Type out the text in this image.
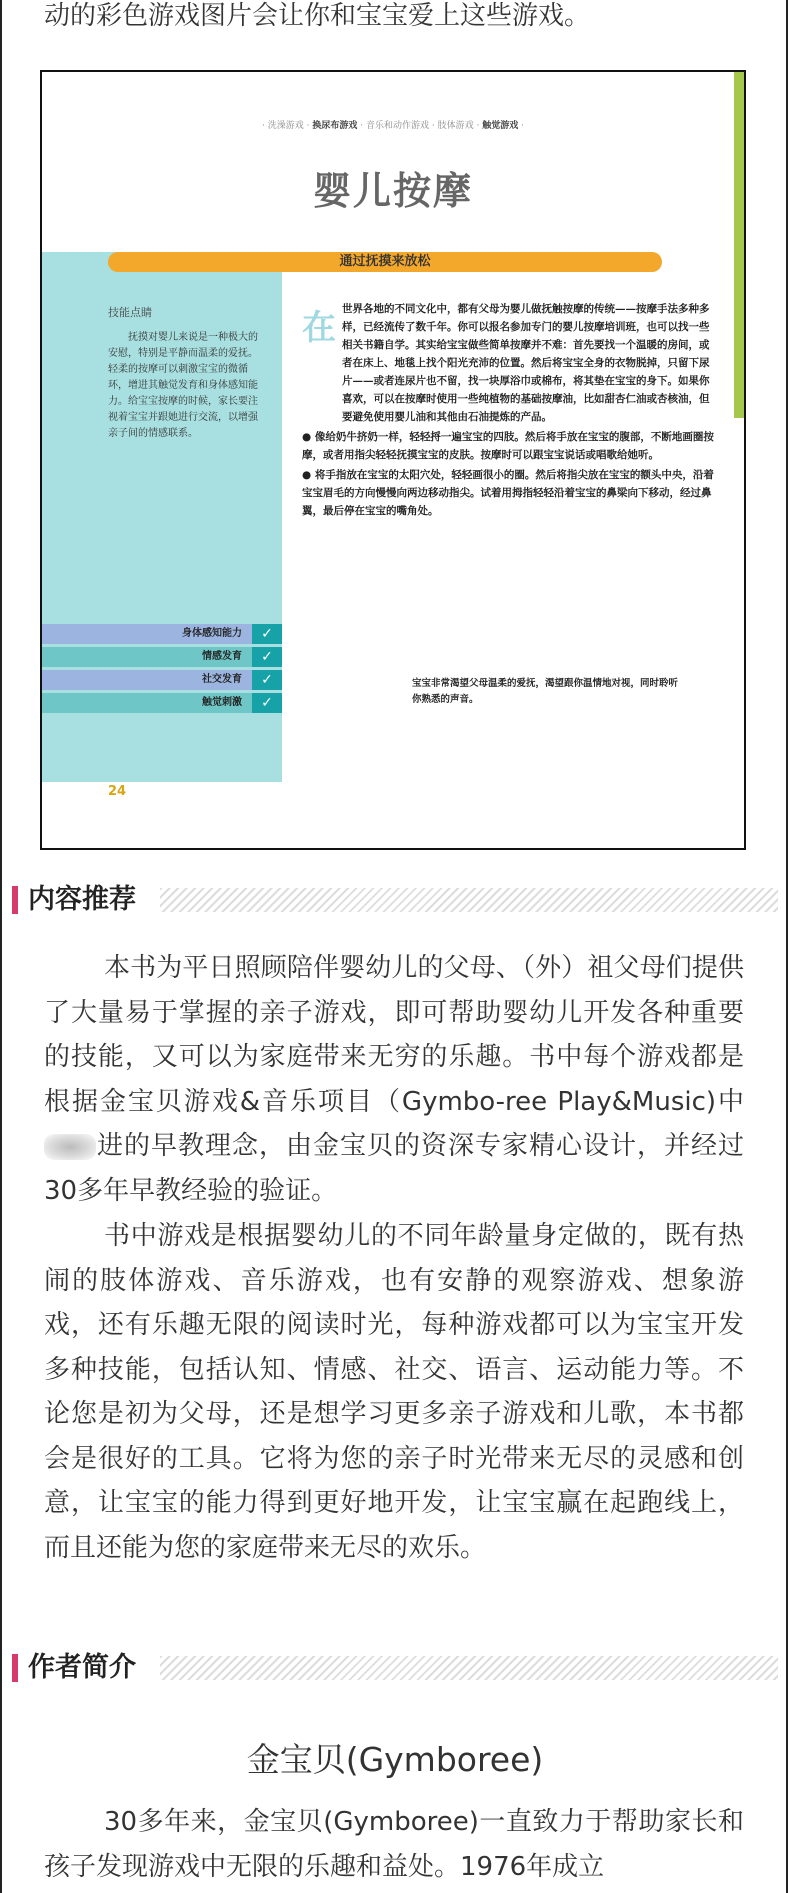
动的彩色游戏图片会让你和宝宝爱上这些游戏。
· 洗澡游戏 · 换尿布游戏 · 音乐和动作游戏 · 肢体游戏 · 触觉游戏 ·
婴儿按摩
通过抚摸来放松
技能点睛
抚摸对婴儿来说是一种极大的安慰，特别是平静而温柔的爱抚。轻柔的按摩可以刺激宝宝的微循环，增进其触觉发育和身体感知能力。给宝宝按摩的时候，家长要注视着宝宝并跟她进行交流，以增强亲子间的情感联系。
身体感知能力	✓
情感发育	✓
社交发育	✓
触觉刺激	✓
在 世界各地的不同文化中，都有父母为婴儿做抚触按摩的传统——按摩手法多种多样，已经流传了数千年。你可以报名参加专门的婴儿按摩培训班，也可以找一些相关书籍自学。其实给宝宝做些简单按摩并不难：首先要找一个温暖的房间，或者在床上、地毯上找个阳光充沛的位置。然后将宝宝全身的衣物脱掉，只留下尿片——或者连尿片也不留，找一块厚浴巾或棉布，将其垫在宝宝的身下。如果你喜欢，可以在按摩时使用一些纯植物的基础按摩油，比如甜杏仁油或杏核油，但要避免使用婴儿油和其他由石油提炼的产品。

● 像给奶牛挤奶一样，轻轻捋一遍宝宝的四肢。然后将手放在宝宝的腹部，不断地画圈按摩，或者用指尖轻轻抚摸宝宝的皮肤。按摩时可以跟宝宝说话或唱歌给她听。

● 将手指放在宝宝的太阳穴处，轻轻画很小的圈。然后将指尖放在宝宝的额头中央，沿着宝宝眉毛的方向慢慢向两边移动指尖。试着用拇指轻轻沿着宝宝的鼻梁向下移动，经过鼻翼，最后停在宝宝的嘴角处。

宝宝非常渴望父母温柔的爱抚，渴望跟你温情地对视，同时聆听你熟悉的声音。
24
内容推荐
本书为平日照顾陪伴婴幼儿的父母、（外）祖父母们提供了大量易于掌握的亲子游戏，即可帮助婴幼儿开发各种重要的技能，又可以为家庭带来无穷的乐趣。书中每个游戏都是根据金宝贝游戏&音乐项目（Gymbo-ree Play&Music)中进的早教理念，由金宝贝的资深专家精心设计，并经过30多年早教经验的验证。
书中游戏是根据婴幼儿的不同年龄量身定做的，既有热闹的肢体游戏、音乐游戏，也有安静的观察游戏、想象游戏，还有乐趣无限的阅读时光，每种游戏都可以为宝宝开发多种技能，包括认知、情感、社交、语言、运动能力等。不论您是初为父母，还是想学习更多亲子游戏和儿歌，本书都会是很好的工具。它将为您的亲子时光带来无尽的灵感和创意，让宝宝的能力得到更好地开发，让宝宝赢在起跑线上，而且还能为您的家庭带来无尽的欢乐。
作者简介
金宝贝(Gymboree)
30多年来，金宝贝(Gymboree)一直致力于帮助家长和孩子发现游戏中无限的乐趣和益处。1976年成立
